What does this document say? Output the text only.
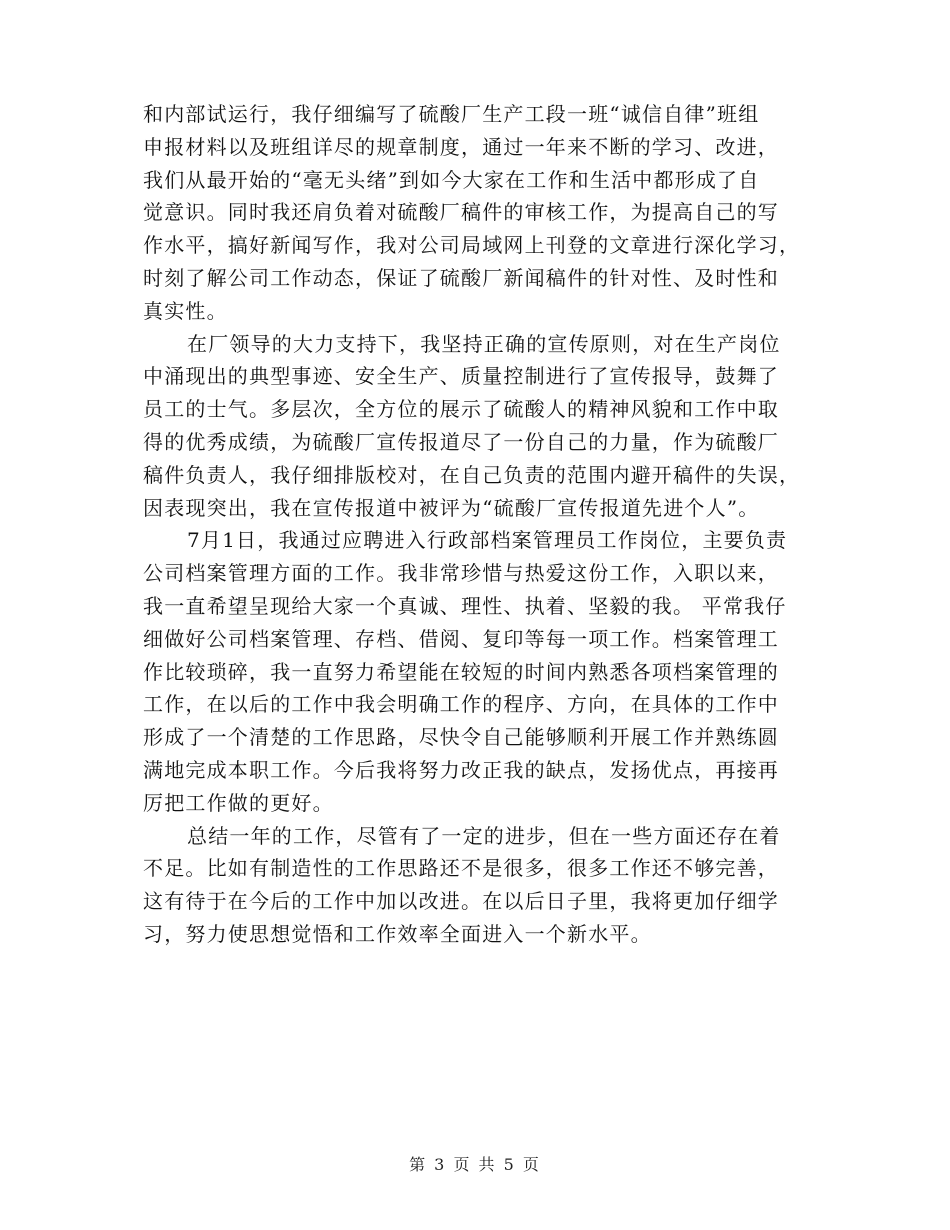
和内部试运行，我仔细编写了硫酸厂生产工段一班“诚信自律”班组
申报材料以及班组详尽的规章制度，通过一年来不断的学习、改进，
我们从最开始的“毫无头绪”到如今大家在工作和生活中都形成了自
觉意识。同时我还肩负着对硫酸厂稿件的审核工作，为提高自己的写
作水平，搞好新闻写作，我对公司局域网上刊登的文章进行深化学习，
时刻了解公司工作动态，保证了硫酸厂新闻稿件的针对性、及时性和
真实性。

在厂领导的大力支持下，我坚持正确的宣传原则，对在生产岗位
中涌现出的典型事迹、安全生产、质量控制进行了宣传报导，鼓舞了
员工的士气。多层次，全方位的展示了硫酸人的精神风貌和工作中取
得的优秀成绩，为硫酸厂宣传报道尽了一份自己的力量，作为硫酸厂
稿件负责人，我仔细排版校对，在自己负责的范围内避开稿件的失误，
因表现突出，我在宣传报道中被评为“硫酸厂宣传报道先进个人”。

7月1日，我通过应聘进入行政部档案管理员工作岗位，主要负责
公司档案管理方面的工作。我非常珍惜与热爱这份工作，入职以来，
我一直希望呈现给大家一个真诚、理性、执着、坚毅的我。 平常我仔
细做好公司档案管理、存档、借阅、复印等每一项工作。档案管理工
作比较琐碎，我一直努力希望能在较短的时间内熟悉各项档案管理的
工作，在以后的工作中我会明确工作的程序、方向，在具体的工作中
形成了一个清楚的工作思路，尽快令自己能够顺利开展工作并熟练圆
满地完成本职工作。今后我将努力改正我的缺点，发扬优点，再接再
厉把工作做的更好。

总结一年的工作，尽管有了一定的进步，但在一些方面还存在着
不足。比如有制造性的工作思路还不是很多，很多工作还不够完善，
这有待于在今后的工作中加以改进。在以后日子里，我将更加仔细学
习，努力使思想觉悟和工作效率全面进入一个新水平。

第 3 页 共 5 页
